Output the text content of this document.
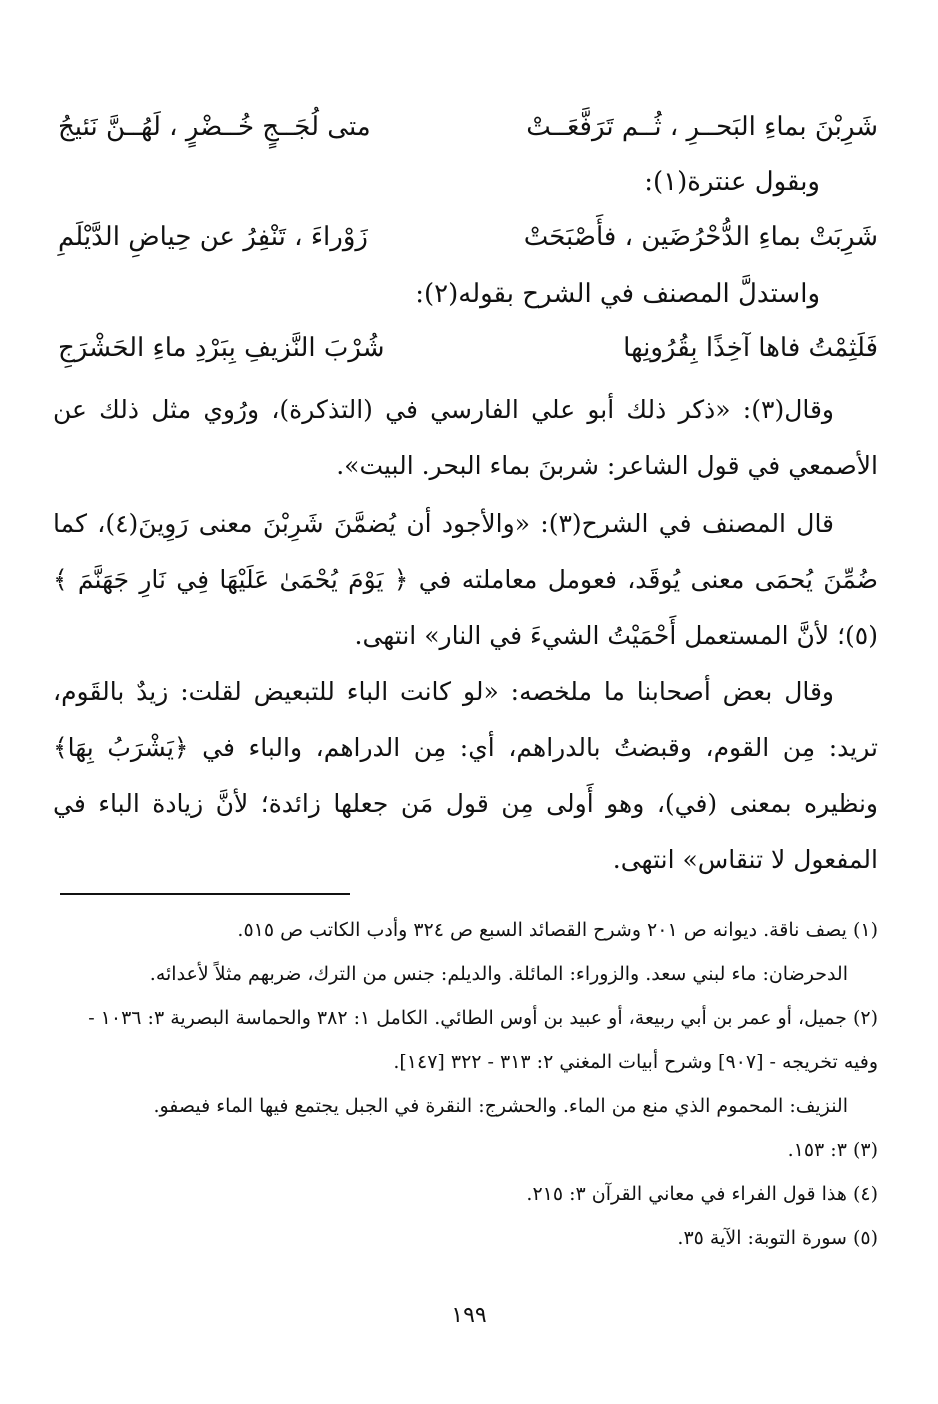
شَرِبْنَ بماءِ البَحــرِ ، ثُــم تَرَفَّعَــتْ
متى لُجَــجٍ خُــضْرٍ ، لَهُــنَّ نَئيجُ
وبقول عنترة(١):
شَرِبَتْ بماءِ الدُّحْرُضَين ، فأَصْبَحَتْ
زَوْراءَ ، تَنْفِرُ عن حِياضِ الدَّيْلَمِ
واستدلَّ المصنف في الشرح بقوله(٢):
فَلَثِمْتُ فاها آخِذًا بِقُرُونِها
شُرْبَ النَّزيفِ بِبَرْدِ ماءِ الحَشْرَجِ

وقال(٣): «ذكر ذلك أبو علي الفارسي في (التذكرة)، ورُوي مثل ذلك عن الأصمعي في قول الشاعر: شربنَ بماء البحر. البيت».

قال المصنف في الشرح(٣): «والأجود أن يُضمَّنَ شَرِبْنَ معنى رَوِينَ(٤)، كما ضُمِّنَ يُحمَى معنى يُوقَد، فعومل معاملته في ﴿ يَوْمَ يُحْمَىٰ عَلَيْهَا فِي نَارِ جَهَنَّمَ ﴾(٥)؛ لأنَّ المستعمل أَحْمَيْتُ الشيءَ في النار» انتهى.

وقال بعض أصحابنا ما ملخصه: «لو كانت الباء للتبعيض لقلت: زيدٌ بالقَوم، تريد: مِن القوم، وقبضتُ بالدراهم، أي: مِن الدراهم، والباء في ﴿يَشْرَبُ بِهَا﴾ ونظيره بمعنى (في)، وهو أَولى مِن قول مَن جعلها زائدة؛ لأنَّ زيادة الباء في المفعول لا تنقاس» انتهى.

(١)يصف ناقة. ديوانه ص ٢٠١ وشرح القصائد السبع ص ٣٢٤ وأدب الكاتب ص ٥١٥.
الدحرضان: ماء لبني سعد. والزوراء: المائلة. والديلم: جنس من الترك، ضربهم مثلاً لأعدائه.
(٢)جميل، أو عمر بن أبي ربيعة، أو عبيد بن أوس الطائي. الكامل ١: ٣٨٢ والحماسة البصرية ٣: ١٠٣٦ - وفيه تخريجه - [٩٠٧] وشرح أبيات المغني ٢: ٣١٣ - ٣٢٢ [١٤٧].
النزيف: المحموم الذي منع من الماء. والحشرج: النقرة في الجبل يجتمع فيها الماء فيصفو.
(٣)٣: ١٥٣.
(٤)هذا قول الفراء في معاني القرآن ٣: ٢١٥.
(٥)سورة التوبة: الآية ٣٥.
١٩٩
